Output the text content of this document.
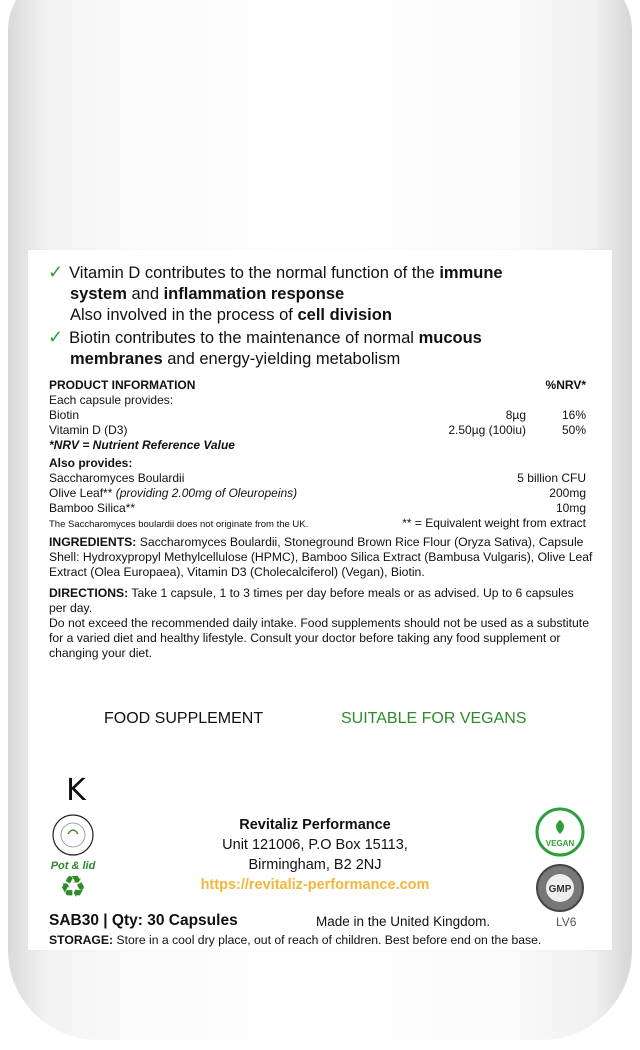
✓ Vitamin D contributes to the normal function of the immune
system and inflammation response
Also involved in the process of cell division
✓ Biotin contributes to the maintenance of normal mucous
membranes and energy-yielding metabolism
PRODUCT INFORMATION	%NRV*
Each capsule provides:
Biotin	8µg	16%
Vitamin D (D3)	2.50µg (100iu)	50%
*NRV = Nutrient Reference Value
Also provides:
Saccharomyces Boulardii	5 billion CFU
Olive Leaf** (providing 2.00mg of Oleuropeins)	200mg
Bamboo Silica**	10mg
The Saccharomyces boulardii does not originate from the UK.	** = Equivalent weight from extract
INGREDIENTS: Saccharomyces Boulardii, Stoneground Brown Rice Flour (Oryza Sativa), Capsule Shell: Hydroxypropyl Methylcellulose (HPMC), Bamboo Silica Extract (Bambusa Vulgaris), Olive Leaf Extract (Olea Europaea), Vitamin D3 (Cholecalciferol) (Vegan), Biotin.
DIRECTIONS: Take 1 capsule, 1 to 3 times per day before meals or as advised. Up to 6 capsules per day.
Do not exceed the recommended daily intake. Food supplements should not be used as a substitute for a varied diet and healthy lifestyle. Consult your doctor before taking any food supplement or changing your diet.
FOOD SUPPLEMENT	SUITABLE FOR VEGANS
K
Pot & lid
♻
Revitaliz Performance
Unit 121006, P.O Box 15113,
Birmingham, B2 2NJ
https://revitaliz-performance.com
VEGAN
GMP
SAB30 | Qty: 30 Capsules	Made in the United Kingdom.	LV6
STORAGE: Store in a cool dry place, out of reach of children. Best before end on the base.
